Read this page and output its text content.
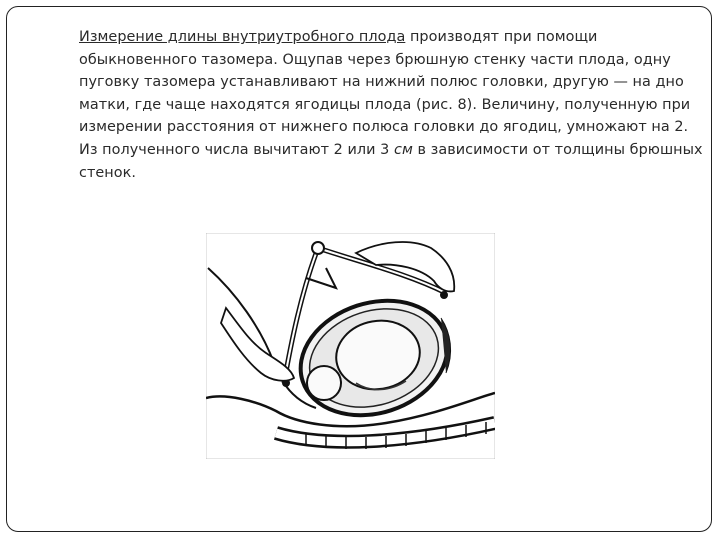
Измерение длины внутриутробного плода производят при помощи обыкновенного тазомера. Ощупав через брюшную стенку части плода, одну пуговку тазомера устанавливают на нижний полюс головки, другую — на дно матки, где чаще находятся ягодицы плода (рис. 8). Величину, полученную при измерении расстояния от нижнего полюса головки до ягодиц, умножают на 2. Из полученного числа вычитают 2 или 3 см в зависимости от толщины брюшных стенок.
